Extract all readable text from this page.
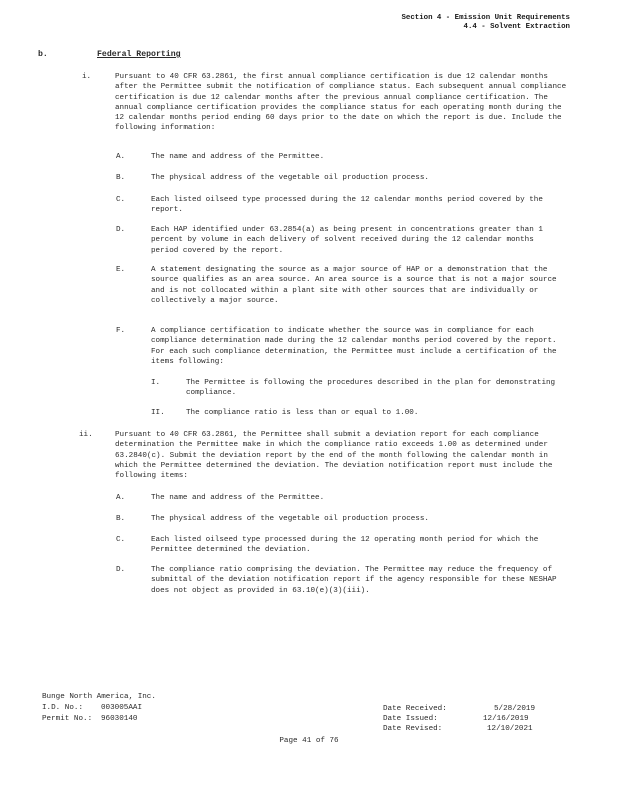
Section 4 - Emission Unit Requirements
4.4 - Solvent Extraction
b.	Federal Reporting
i.	Pursuant to 40 CFR 63.2861, the first annual compliance certification is due 12 calendar months after the Permittee submit the notification of compliance status. Each subsequent annual compliance certification is due 12 calendar months after the previous annual compliance certification. The annual compliance certification provides the compliance status for each operating month during the 12 calendar months period ending 60 days prior to the date on which the report is due. Include the following information:

A.	The name and address of the Permittee.

B.	The physical address of the vegetable oil production process.

C.	Each listed oilseed type processed during the 12 calendar months period covered by the report.

D.	Each HAP identified under 63.2854(a) as being present in concentrations greater than 1 percent by volume in each delivery of solvent received during the 12 calendar months period covered by the report.

E.	A statement designating the source as a major source of HAP or a demonstration that the source qualifies as an area source. An area source is a source that is not a major source and is not collocated within a plant site with other sources that are individually or collectively a major source.

F.	A compliance certification to indicate whether the source was in compliance for each compliance determination made during the 12 calendar months period covered by the report. For each such compliance determination, the Permittee must include a certification of the items following:

I.	The Permittee is following the procedures described in the plan for demonstrating compliance.

II.	The compliance ratio is less than or equal to 1.00.

ii.	Pursuant to 40 CFR 63.2861, the Permittee shall submit a deviation report for each compliance determination the Permittee make in which the compliance ratio exceeds 1.00 as determined under 63.2840(c). Submit the deviation report by the end of the month following the calendar month in which the Permittee determined the deviation. The deviation notification report must include the following items:

A.	The name and address of the Permittee.

B.	The physical address of the vegetable oil production process.

C.	Each listed oilseed type processed during the 12 operating month period for which the Permittee determined the deviation.

D.	The compliance ratio comprising the deviation. The Permittee may reduce the frequency of submittal of the deviation notification report if the agency responsible for these NESHAP does not object as provided in 63.10(e)(3)(iii).

Bunge North America, Inc.
I.D. No.: 003005AAI
Permit No.: 96030140
Date Received:	5/28/2019
Date Issued:	12/16/2019
Date Revised:	12/10/2021
Page 41 of 76
